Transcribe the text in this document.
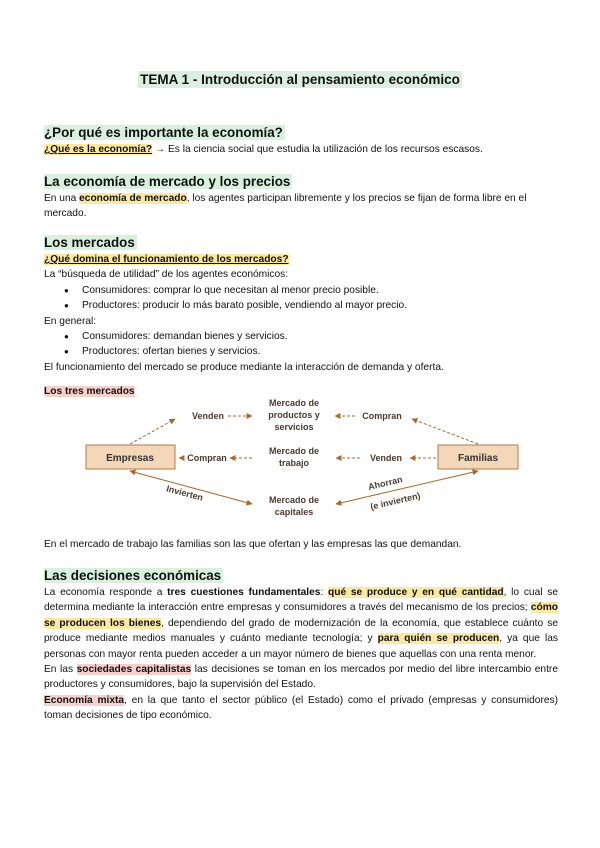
TEMA 1 - Introducción al pensamiento económico
¿Por qué es importante la economía?

¿Qué es la economía? → Es la ciencia social que estudia la utilización de los recursos escasos.

La economía de mercado y los precios

En una economía de mercado, los agentes participan libremente y los precios se fijan de forma libre en el mercado.

Los mercados

¿Qué domina el funcionamiento de los mercados?

La “búsqueda de utilidad” de los agentes económicos:

● Consumidores: comprar lo que necesitan al menor precio posible.
● Productores: producir lo más barato posible, vendiendo al mayor precio.

En general:

● Consumidores: demandan bienes y servicios.
● Productores: ofertan bienes y servicios.

El funcionamiento del mercado se produce mediante la interacción de demanda y oferta.

Los tres mercados

Empresas	Familias
Mercado de
productos y
servicios
Mercado de
trabajo
Mercado de
capitales
Venden	Compran
Compran	Venden
Invierten
Ahorran
(e invierten)

En el mercado de trabajo las familias son las que ofertan y las empresas las que demandan.

Las decisiones económicas

La economía responde a tres cuestiones fundamentales: qué se produce y en qué cantidad, lo cual se determina mediante la interacción entre empresas y consumidores a través del mecanismo de los precios; cómo se producen los bienes, dependiendo del grado de modernización de la economía, que establece cuánto se produce mediante medios manuales y cuánto mediante tecnología; y para quién se producen, ya que las personas con mayor renta pueden acceder a un mayor número de bienes que aquellas con una renta menor.

En las sociedades capitalistas las decisiones se toman en los mercados por medio del libre intercambio entre productores y consumidores, bajo la supervisión del Estado.

Economía mixta, en la que tanto el sector público (el Estado) como el privado (empresas y consumidores) toman decisiones de tipo económico.
